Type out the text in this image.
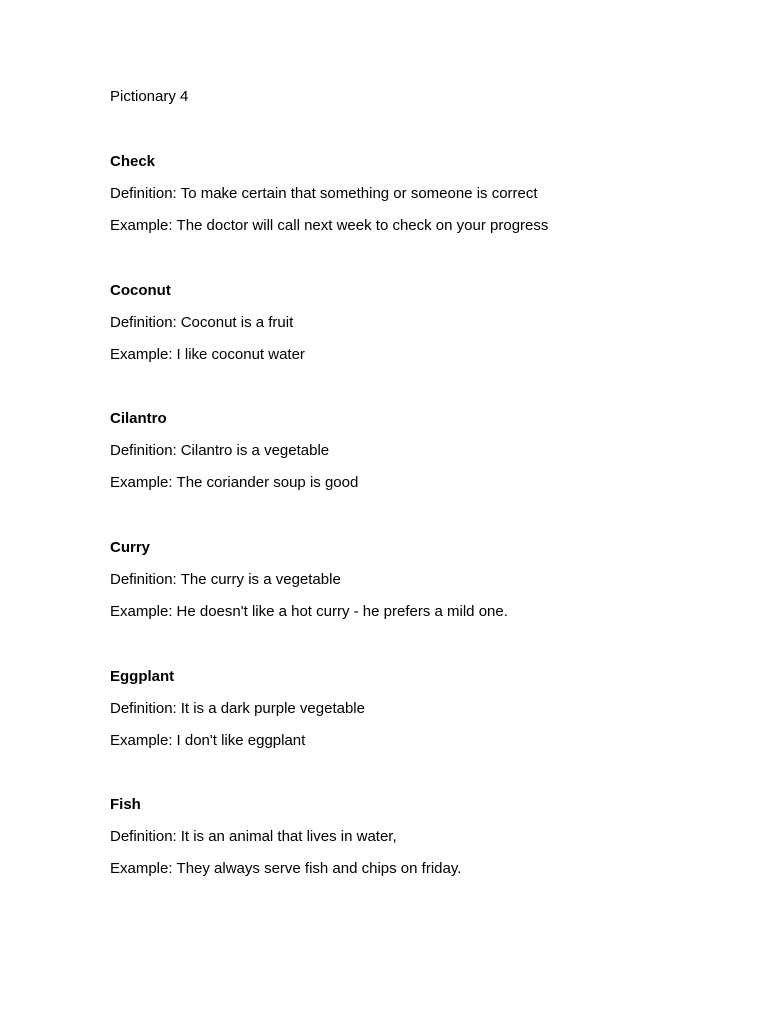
Pictionary 4
Check
Definition: To make certain that something or someone is correct
Example: The doctor will call next week to check on your progress
Coconut
Definition: Coconut is a fruit
Example: I like coconut water
Cilantro
Definition: Cilantro is a vegetable
Example: The coriander soup is good
Curry
Definition: The curry is a vegetable
Example: He doesn't like a hot curry - he prefers a mild one.
Eggplant
Definition: It is a dark purple vegetable
Example: I don't like eggplant
Fish
Definition: It is an animal that lives in water,
Example: They always serve fish and chips on friday.
